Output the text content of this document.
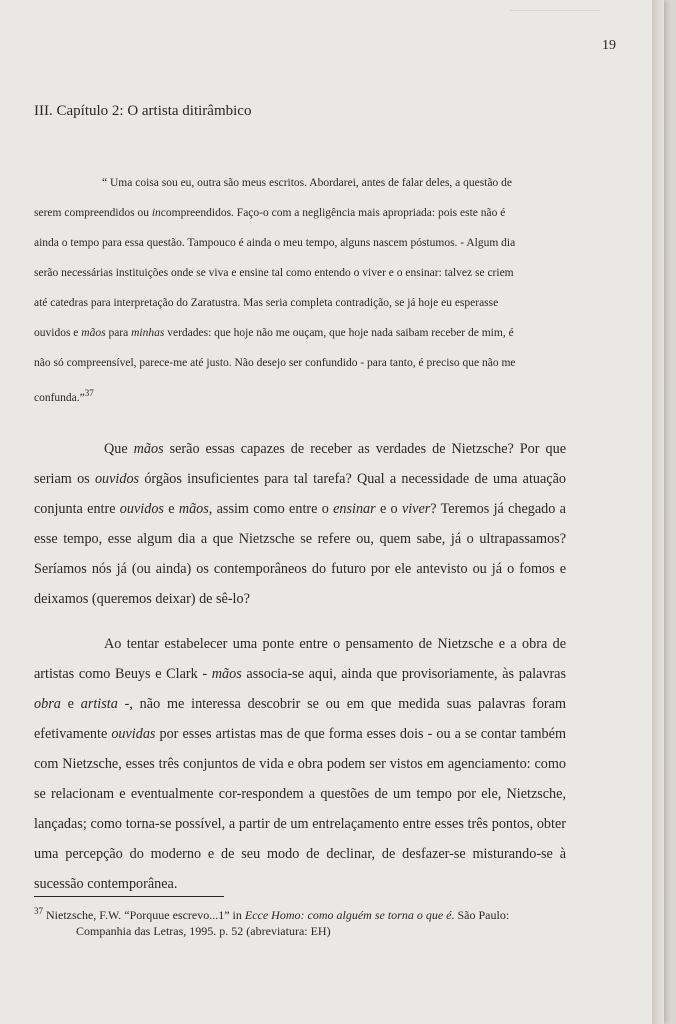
19
III. Capítulo 2: O artista ditirâmbico
“ Uma coisa sou eu, outra são meus escritos. Abordarei, antes de falar deles, a questão de
serem compreendidos ou incompreendidos. Faço-o com a negligência mais apropriada: pois este não é
ainda o tempo para essa questão. Tampouco é ainda o meu tempo, alguns nascem póstumos. - Algum dia
serão necessárias instituições onde se viva e ensine tal como entendo o viver e o ensinar: talvez se criem
até catedras para interpretação do Zaratustra. Mas seria completa contradição, se já hoje eu esperasse
ouvidos e mãos para minhas verdades: que hoje não me ouçam, que hoje nada saibam receber de mim, é
não só compreensível, parece-me até justo. Não desejo ser confundido - para tanto, é preciso que não me
confunda.”$^{37}$

Que mãos serão essas capazes de receber as verdades de Nietzsche? Por que seriam os ouvidos órgãos insuficientes para tal tarefa? Qual a necessidade de uma atuação conjunta entre ouvidos e mãos, assim como entre o ensinar e o viver? Teremos já chegado a esse tempo, esse algum dia a que Nietzsche se refere ou, quem sabe, já o ultrapassamos? Seríamos nós já (ou ainda) os contemporâneos do futuro por ele antevisto ou já o fomos e deixamos (queremos deixar) de sê-lo?

Ao tentar estabelecer uma ponte entre o pensamento de Nietzsche e a obra de artistas como Beuys e Clark - mãos associa-se aqui, ainda que provisoriamente, às palavras obra e artista -, não me interessa descobrir se ou em que medida suas palavras foram efetivamente ouvidas por esses artistas mas de que forma esses dois - ou a se contar também com Nietzsche, esses três conjuntos de vida e obra podem ser vistos em agenciamento: como se relacionam e eventualmente cor-respondem a questões de um tempo por ele, Nietzsche, lançadas; como torna-se possível, a partir de um entrelaçamento entre esses três pontos, obter uma percepção do moderno e de seu modo de declinar, de desfazer-se misturando-se à sucessão contemporânea.

$^{37}$ Nietzsche, F.W. “Porquue escrevo...1” in Ecce Homo: como alguém se torna o que é. São Paulo:
Companhia das Letras, 1995. p. 52 (abreviatura: EH)
